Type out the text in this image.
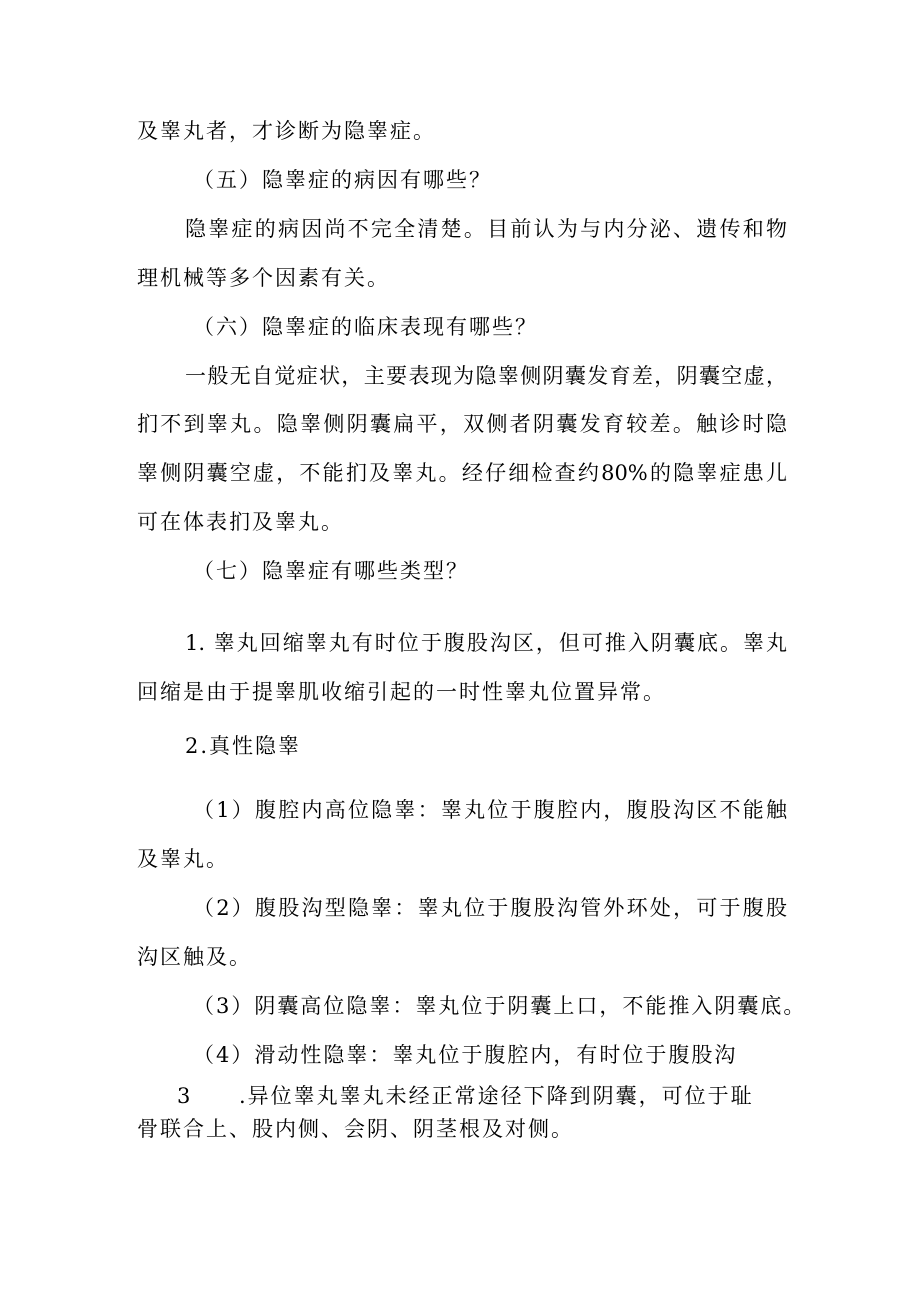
及睾丸者，才诊断为隐睾症。
（五）隐睾症的病因有哪些？
隐睾症的病因尚不完全清楚。目前认为与内分泌、遗传和物
理机械等多个因素有关。
（六）隐睾症的临床表现有哪些？
一般无自觉症状，主要表现为隐睾侧阴囊发育差，阴囊空虚，
扪不到睾丸。隐睾侧阴囊扁平，双侧者阴囊发育较差。触诊时隐
睾侧阴囊空虚，不能扪及睾丸。经仔细检查约80%的隐睾症患儿
可在体表扪及睾丸。
（七）隐睾症有哪些类型？
1. 睾丸回缩睾丸有时位于腹股沟区，但可推入阴囊底。睾丸
回缩是由于提睾肌收缩引起的一时性睾丸位置异常。
2.真性隐睾
（1）腹腔内高位隐睾：睾丸位于腹腔内，腹股沟区不能触
及睾丸。
（2）腹股沟型隐睾：睾丸位于腹股沟管外环处，可于腹股
沟区触及。
（3）阴囊高位隐睾：睾丸位于阴囊上口，不能推入阴囊底。
（4）滑动性隐睾：睾丸位于腹腔内，有时位于腹股沟
3 .异位睾丸睾丸未经正常途径下降到阴囊，可位于耻
骨联合上、股内侧、会阴、阴茎根及对侧。
